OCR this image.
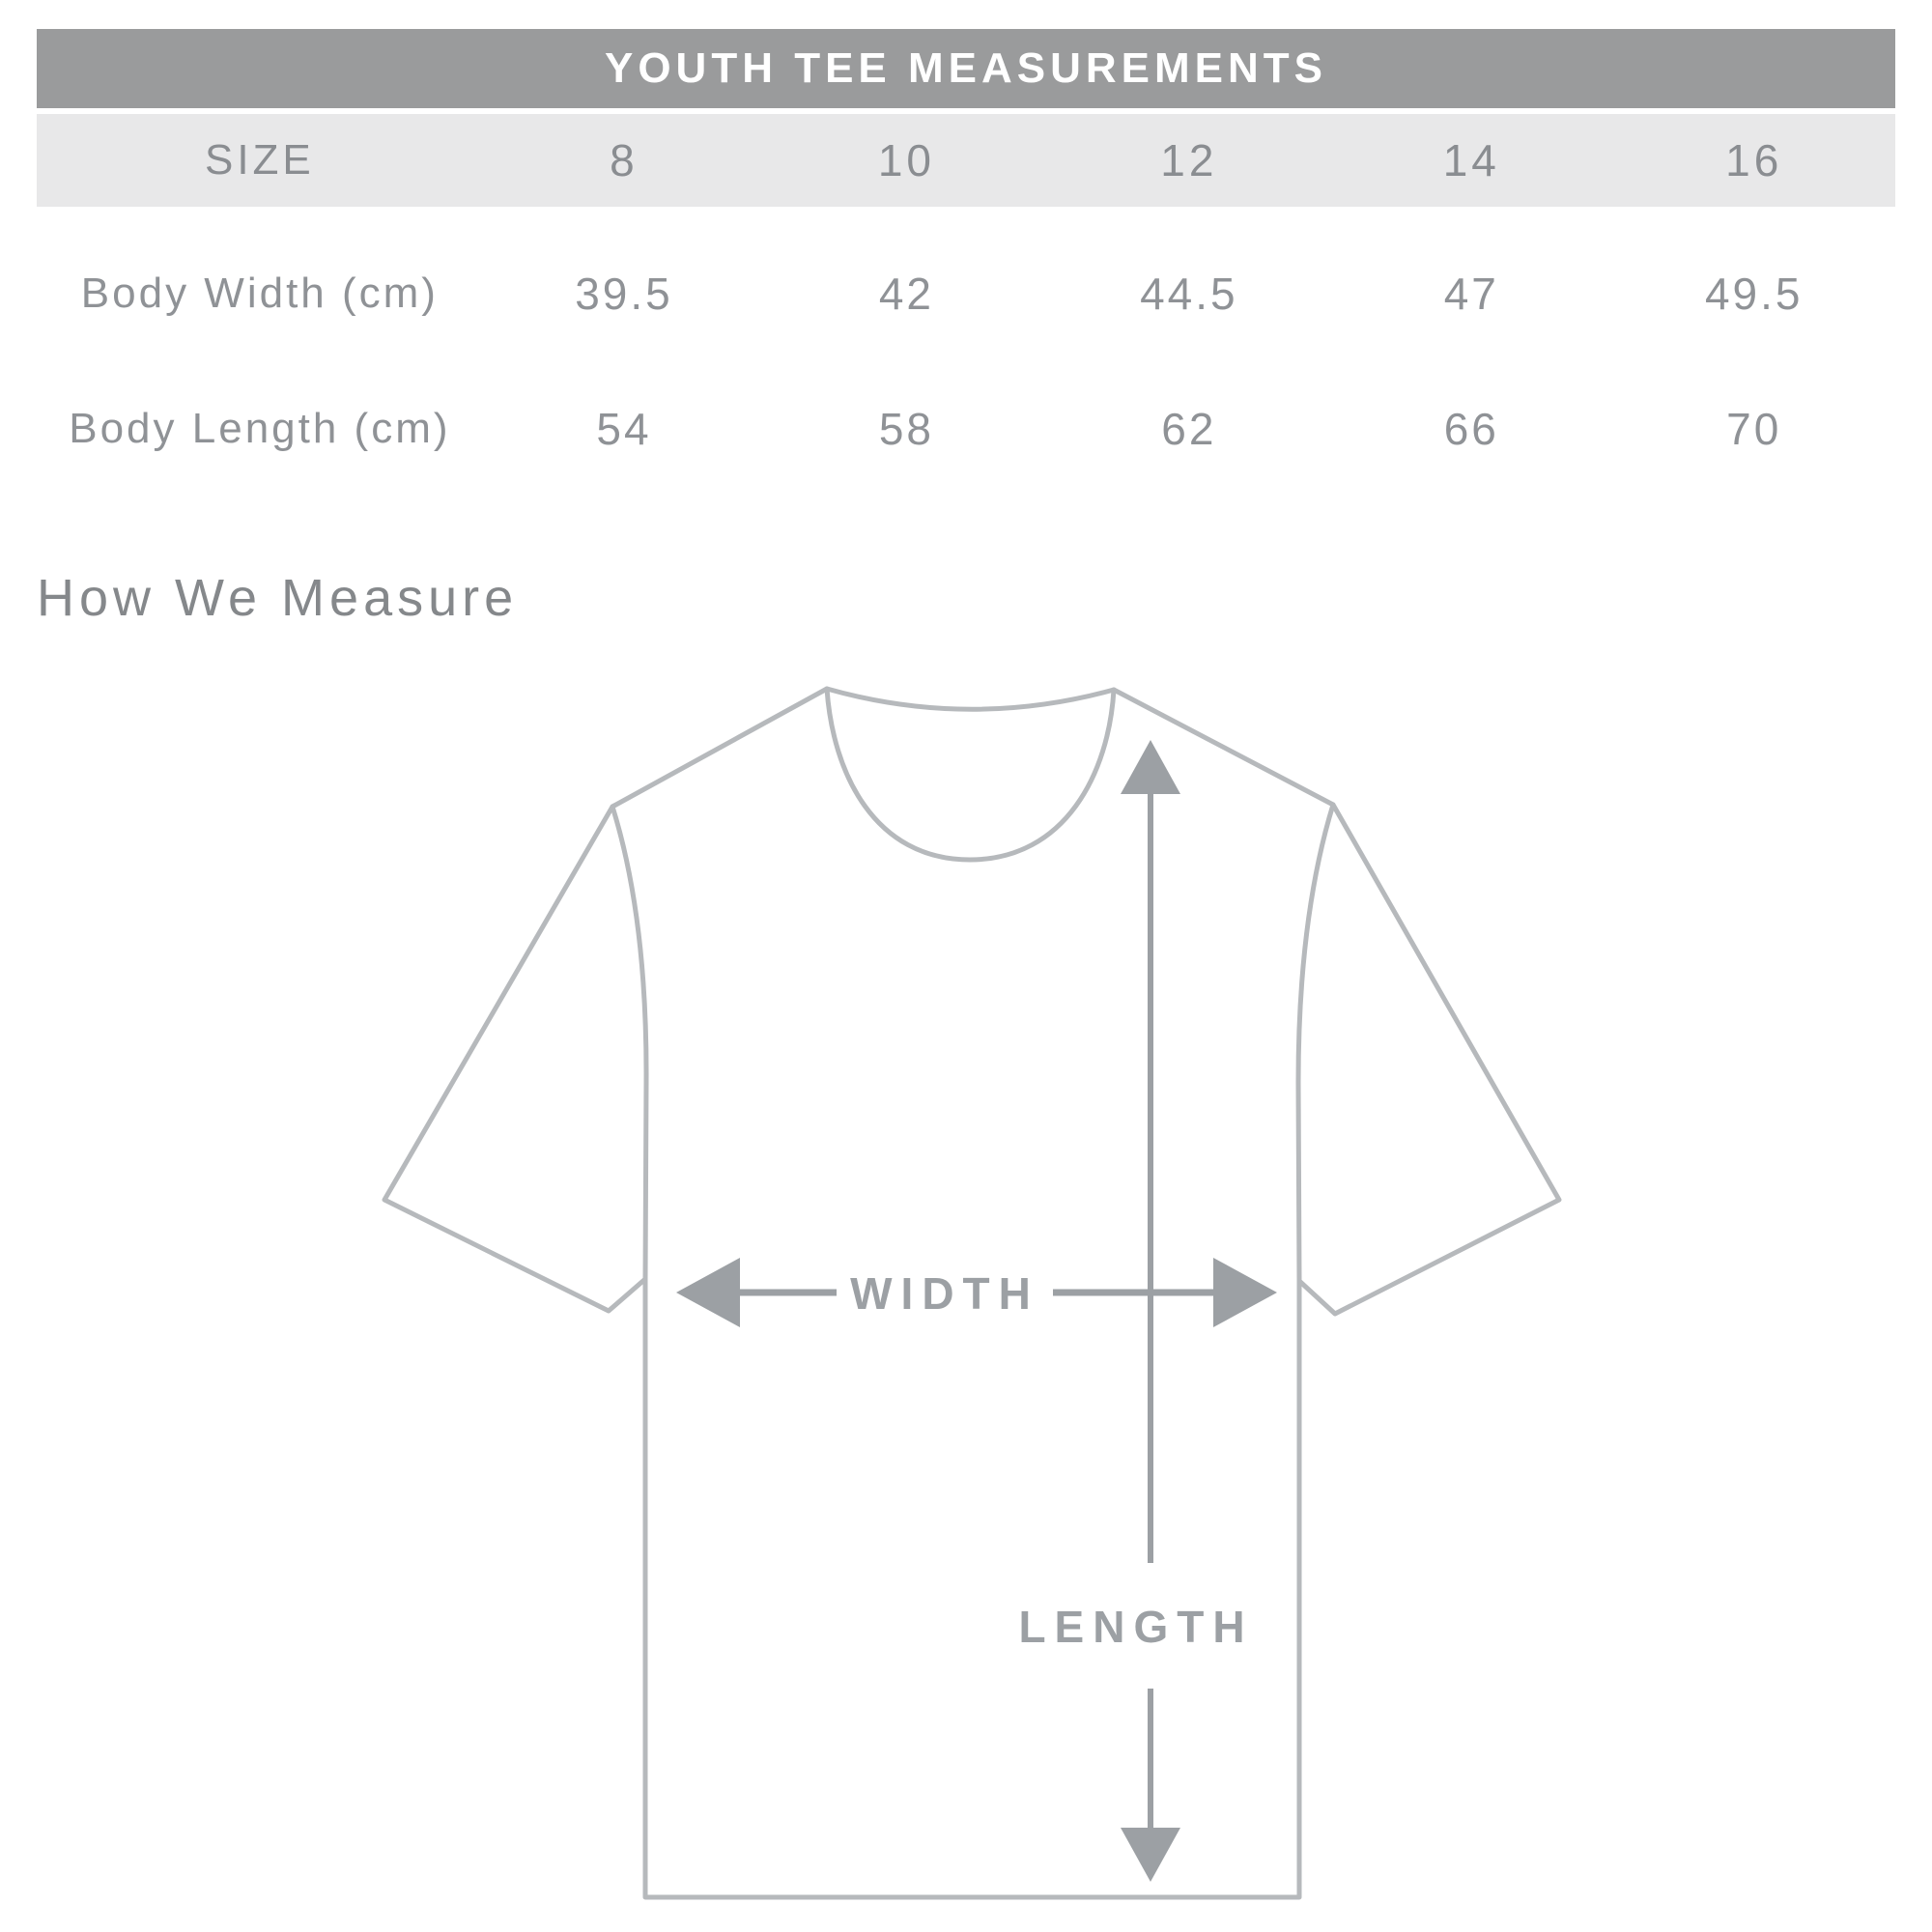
YOUTH TEE MEASUREMENTS
SIZE	8	10	12	14	16
Body Width (cm)	39.5	42	44.5	47	49.5
Body Length (cm)	54	58	62	66	70
How We Measure
LENGTH
WIDTH
